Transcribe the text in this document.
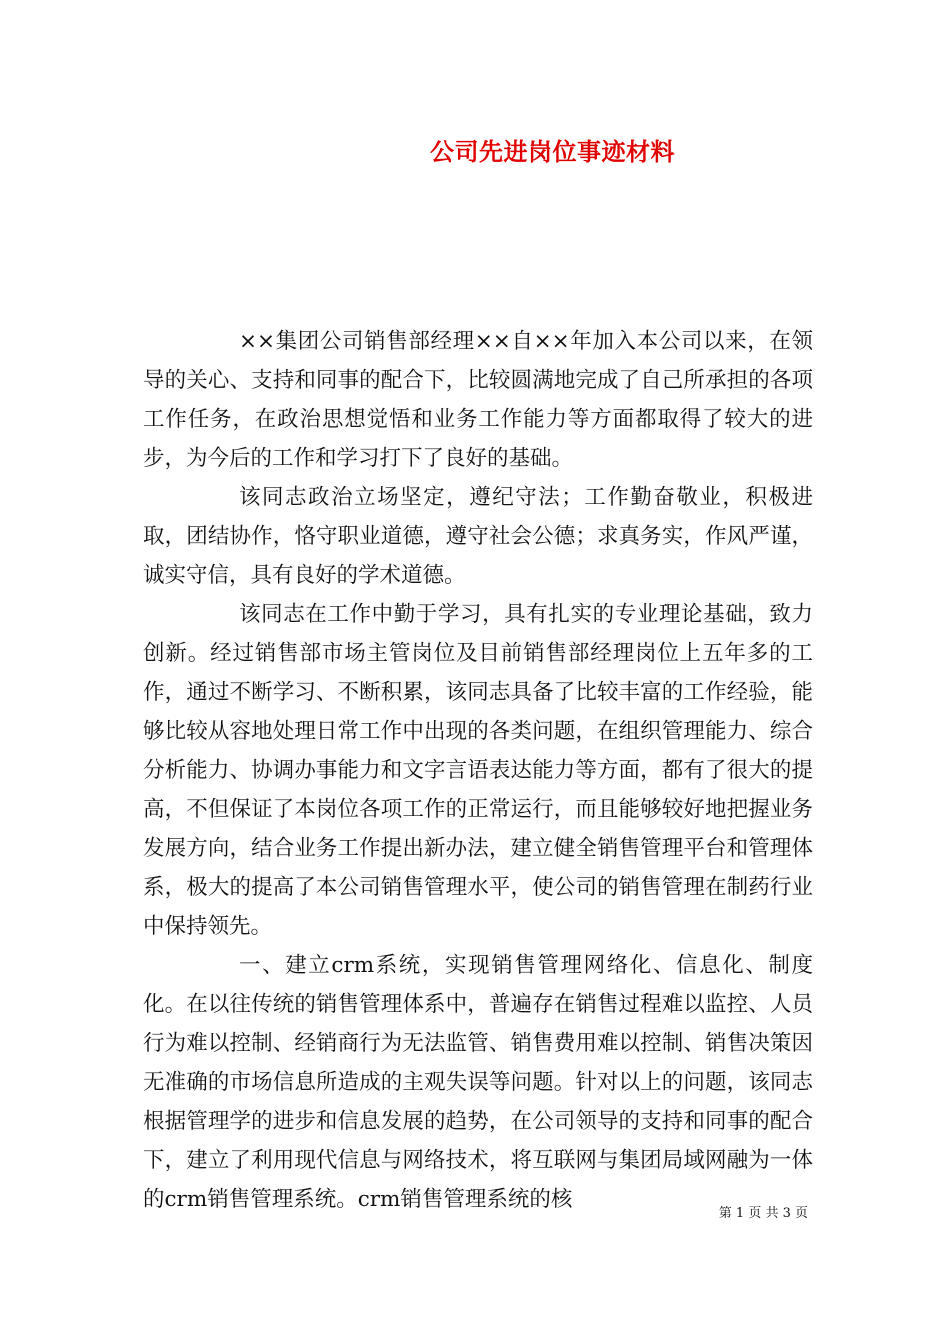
公司先进岗位事迹材料

××集团公司销售部经理××自××年加入本公司以来，在领导的关心、支持和同事的配合下，比较圆满地完成了自己所承担的各项工作任务，在政治思想觉悟和业务工作能力等方面都取得了较大的进步，为今后的工作和学习打下了良好的基础。

该同志政治立场坚定，遵纪守法；工作勤奋敬业，积极进取，团结协作，恪守职业道德，遵守社会公德；求真务实，作风严谨，诚实守信，具有良好的学术道德。

该同志在工作中勤于学习，具有扎实的专业理论基础，致力创新。经过销售部市场主管岗位及目前销售部经理岗位上五年多的工作，通过不断学习、不断积累，该同志具备了比较丰富的工作经验，能够比较从容地处理日常工作中出现的各类问题，在组织管理能力、综合分析能力、协调办事能力和文字言语表达能力等方面，都有了很大的提高，不但保证了本岗位各项工作的正常运行，而且能够较好地把握业务发展方向，结合业务工作提出新办法，建立健全销售管理平台和管理体系，极大的提高了本公司销售管理水平，使公司的销售管理在制药行业中保持领先。

一、建立crm系统，实现销售管理网络化、信息化、制度化。在以往传统的销售管理体系中，普遍存在销售过程难以监控、人员行为难以控制、经销商行为无法监管、销售费用难以控制、销售决策因无准确的市场信息所造成的主观失误等问题。针对以上的问题，该同志根据管理学的进步和信息发展的趋势，在公司领导的支持和同事的配合下，建立了利用现代信息与网络技术，将互联网与集团局域网融为一体的crm销售管理系统。crm销售管理系统的核

第 1 页 共 3 页
